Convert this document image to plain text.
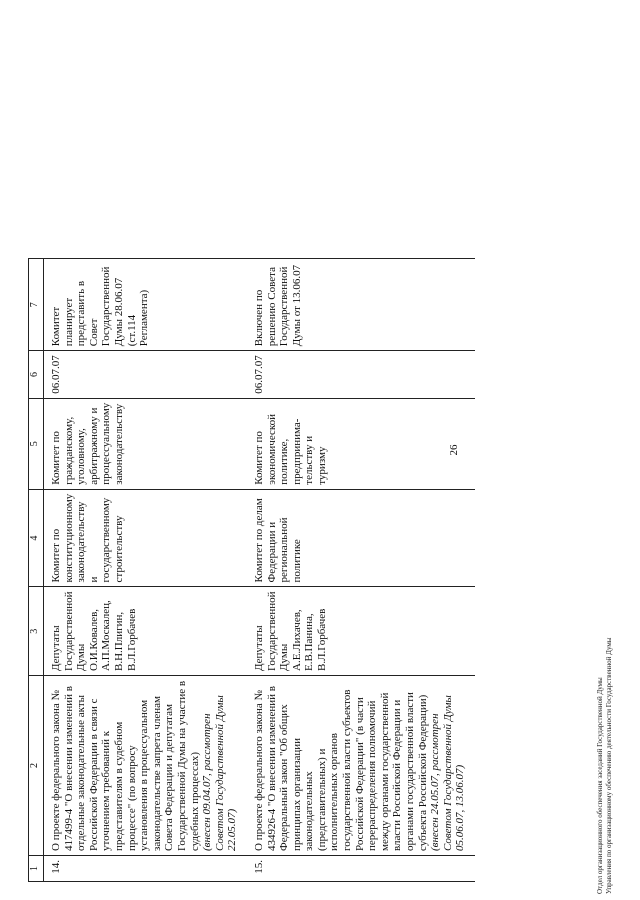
1	2	3	4	5	6	7
14.	О проекте федерального закона № 417499-4 "О внесении изменений в отдельные законодательные акты Российской Федерации в связи с уточнением требований к представителям в судебном процессе" (по вопросу установления в процессуальном законодательстве запрета членам Совета Федерации и депутатам Государственной Думы на участие в судебных процессах) (внесен 09.04.07, рассмотрен Советом Государственной Думы 22.05.07)	Депутаты Государственной Думы О.И.Ковалев, А.П.Москалец, В.Н.Плигин, В.Л.Горбачев	Комитет по конституционному законодательству и государственному строительству	Комитет по гражданскому, уголовному, арбитражному и процессуальному законодательству	06.07.07	Комитет планирует представить в Совет Государственной Думы 28.06.07 (ст.114 Регламента)
15.	О проекте федерального закона № 434926-4 "О внесении изменений в Федеральный закон "Об общих принципах организации законодательных (представительных) и исполнительных органов государственной власти субъектов Российской Федерации" (в части перераспределения полномочий между органами государственной власти Российской Федерации и органами государственной власти субъекта Российской Федерации) (внесен 24.05.07, рассмотрен Советом Государственной Думы 05.06.07, 13.06.07)	Депутаты Государственной Думы А.Е.Лихачев, Е.В.Панина, В.Л.Горбачев	Комитет по делам Федерации и региональной политике	Комитет по экономической политике, предпринима-тельству и туризму	06.07.07	Включен по решению Совета Государственной Думы от 13.06.07
26
Отдел организационного обеспечения заседаний Государственной Думы Управления по организационному обеспечению деятельности Государственной Думы
